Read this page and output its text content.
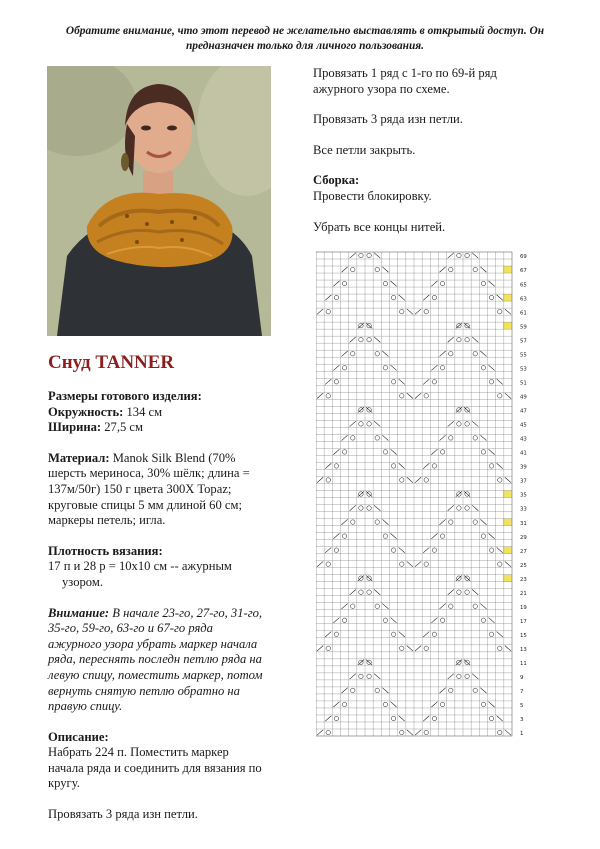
Обратите внимание, что этот перевод не желательно выставлять в открытый доступ. Он
предназначен только для личного пользования.
Снуд TANNER
Размеры готового изделия:
Окружность: 134 см
Ширина: 27,5 см
Материал: Manok Silk Blend (70%
шерсть мериноса, 30% шёлк; длина =
137м/50г) 150 г цвета 300X Topaz;
круговые спицы 5 мм длиной 60 см;
маркеры петель; игла.
Плотность вязания:
17 п и 28 р = 10х10 см -- ажурным
узором.
Внимание: В начале 23-го, 27-го, 31-го,
35-го, 59-го, 63-го и 67-го ряда
ажурного узора убрать маркер начала
ряда, переснять последн петлю ряда на
левую спицу, поместить маркер, потом
вернуть снятую петлю обратно на
правую спицу.
Описание:
Набрать 224 п. Поместить маркер
начала ряда и соединить для вязания по
кругу.
Провязать 3 ряда изн петли.
Провязать 1 ряд с 1-го по 69-й ряд

ажурного узора по схеме.

Провязать 3 ряда изн петли.

Все петли закрыть.

Сборка:

Провести блокировку.

Убрать все концы нитей.

69
67
65
63
61
59
57
55
53
51
49
47
45
43
41
39
37
35
33
31
29
27
25
23
21
19
17
15
13
11
9
7
5
3
1
